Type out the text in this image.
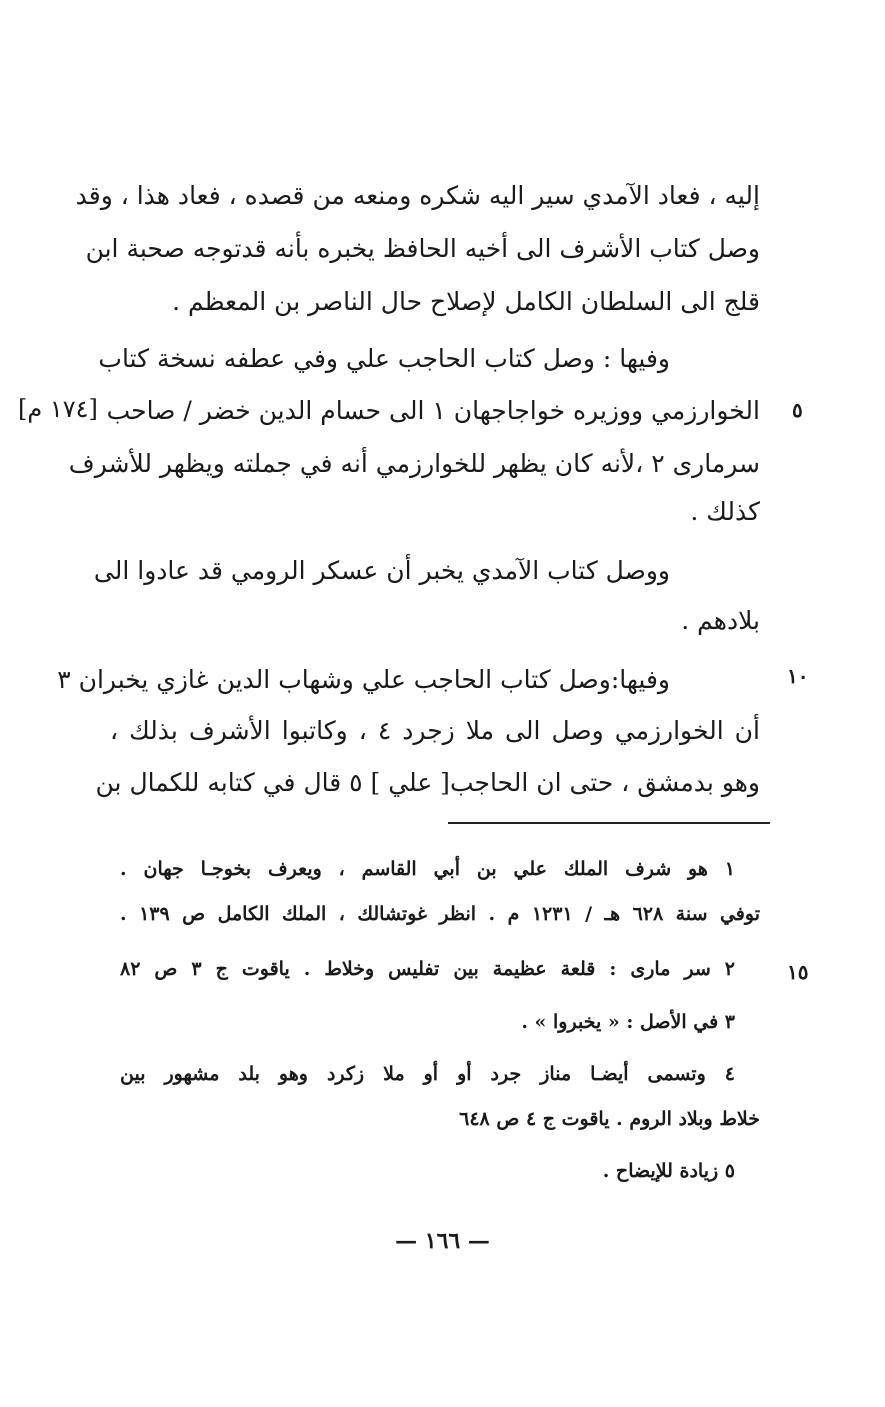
إليه ، فعاد الآمدي سير اليه شكره ومنعه من قصده ، فعاد هذا ، وقد
وصل كتاب الأشرف الى أخيه الحافظ يخبره بأنه قدتوجه صحبة ابن
قلج الى السلطان الكامل لإصلاح حال الناصر بن المعظم .
وفيها : وصل كتاب الحاجب علي وفي عطفه نسخة كتاب
الخوارزمي ووزيره خواجاجهان ١ الى حسام الدين خضر / صاحب
سرماری ٢ ،لأنه كان يظهر للخوارزمي أنه في جملته ويظهر للأشرف
كذلك .
ووصل كتاب الآمدي يخبر أن عسكر الرومي قد عادوا الى
بلادهم .
وفيها:وصل كتاب الحاجب علي وشهاب الدين غازي يخبران ٣
أن الخوارزمي وصل الى ملا زجرد ٤ ، وكاتبوا الأشرف بذلك ،
وهو بدمشق ، حتى ان الحاجب[ علي ] ٥ قال في كتابه للكمال بن
٥
١٠
١٥
[١٧٤ م]
١ هو شرف الملك علي بن أبي القاسم ، ويعرف بخوجـا جهان .
توفي سنة ٦٢٨ هـ / ١٢٣١ م . انظر غوتشالك ، الملك الكامل ص ١٣٩ .
٢ سر ماری : قلعة عظيمة بين تفليس وخلاط . ياقوت ج ٣ ص ٨٢
٣ في الأصل : « يخبروا » .
٤ وتسمى أيضـا مناز جرد أو أو ملا زكرد وهو بلد مشهور بين
خلاط وبلاد الروم . ياقوت ج ٤ ص ٦٤٨
٥ زيادة للإيضاح .
— ١٦٦ —
